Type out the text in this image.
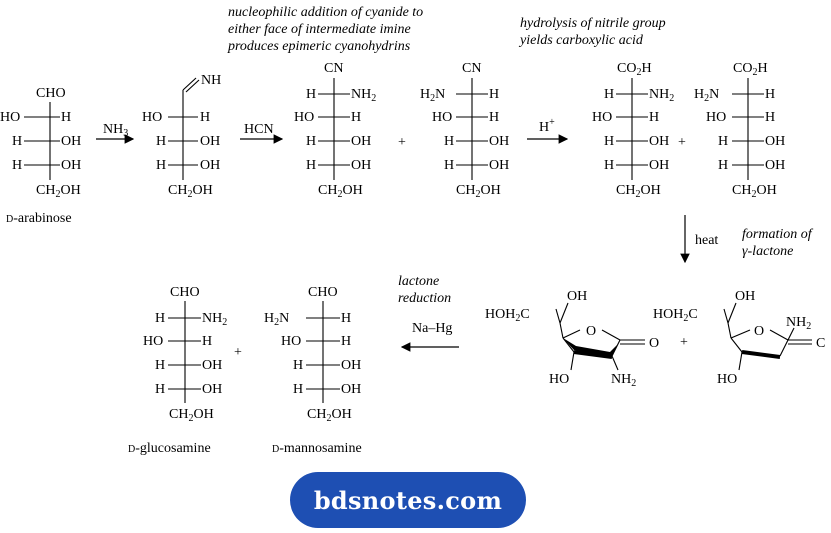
nucleophilic addition of cyanide to
either face of intermediate imine
produces epimeric cyanohydrins
hydrolysis of nitrile group
yields carboxylic acid
formation of
γ-lactone
lactone
reduction
$NH_3$	HCN	H+
heat
Na–Hg
+	+
+
+
CHO
HO	H
H	OH
H	OH
$CH_2OH$
D-arabinose
NH
HO	H
H OH
H OH
$CH_2OH$
CN
H $NH_2$
HO	H
H OH
H OH
$CH_2OH$
CN
$H_2N$	H
HO	H
H OH
H OH
$CH_2OH$
$CO_2H$
H $NH_2$
HO	H
H OH
H OH
$CH_2OH$
$CO_2H$
$H_2N$	H
HO	H
H	OH
H	OH
$CH_2OH$
CHO
H	$NH_2$
HO	H
H	OH
H	OH
$CH_2OH$
D-glucosamine
CHO
$H_2N$	H
HO	H
H	OH
H	OH
$CH_2OH$
D-mannosamine
$HOH_2C$
OH
O
O
HO	$NH_2$
$HOH_2C$
OH
O
C
HO
$NH_2$
bdsnotes.com
